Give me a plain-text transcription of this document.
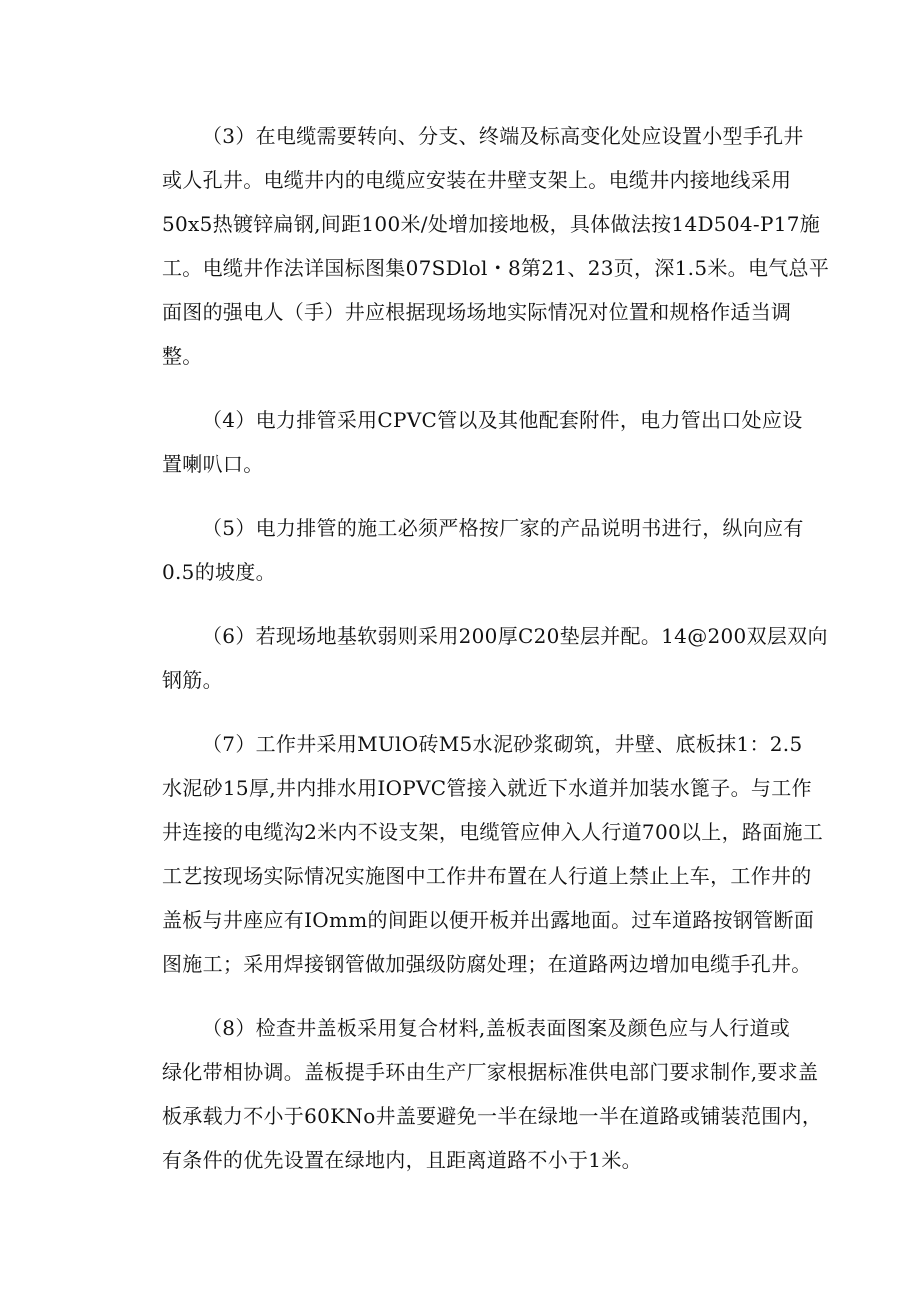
（3）在电缆需要转向、分支、终端及标高变化处应设置小型手孔井
或人孔井。电缆井内的电缆应安装在井壁支架上。电缆井内接地线采用
50x5热镀锌扁钢,间距100米/处增加接地极，具体做法按14D504-P17施
工。电缆井作法详国标图集07SDlol・8第21、23页，深1.5米。电气总平
面图的强电人（手）井应根据现场场地实际情况对位置和规格作适当调
整。
（4）电力排管采用CPVC管以及其他配套附件，电力管出口处应设
置喇叭口。
（5）电力排管的施工必须严格按厂家的产品说明书进行，纵向应有
0.5的坡度。
（6）若现场地基软弱则采用200厚C20垫层并配。14@200双层双向
钢筋。
（7）工作井采用MUlO砖M5水泥砂浆砌筑，井壁、底板抹1：2.5
水泥砂15厚,井内排水用IOPVC管接入就近下水道并加装水篦子。与工作
井连接的电缆沟2米内不设支架，电缆管应伸入人行道700以上，路面施工
工艺按现场实际情况实施图中工作井布置在人行道上禁止上车，工作井的
盖板与井座应有IOmm的间距以便开板并出露地面。过车道路按钢管断面
图施工；采用焊接钢管做加强级防腐处理；在道路两边增加电缆手孔井。
（8）检查井盖板采用复合材料,盖板表面图案及颜色应与人行道或
绿化带相协调。盖板提手环由生产厂家根据标准供电部门要求制作,要求盖
板承载力不小于60KNo井盖要避免一半在绿地一半在道路或铺装范围内，
有条件的优先设置在绿地内，且距离道路不小于1米。
